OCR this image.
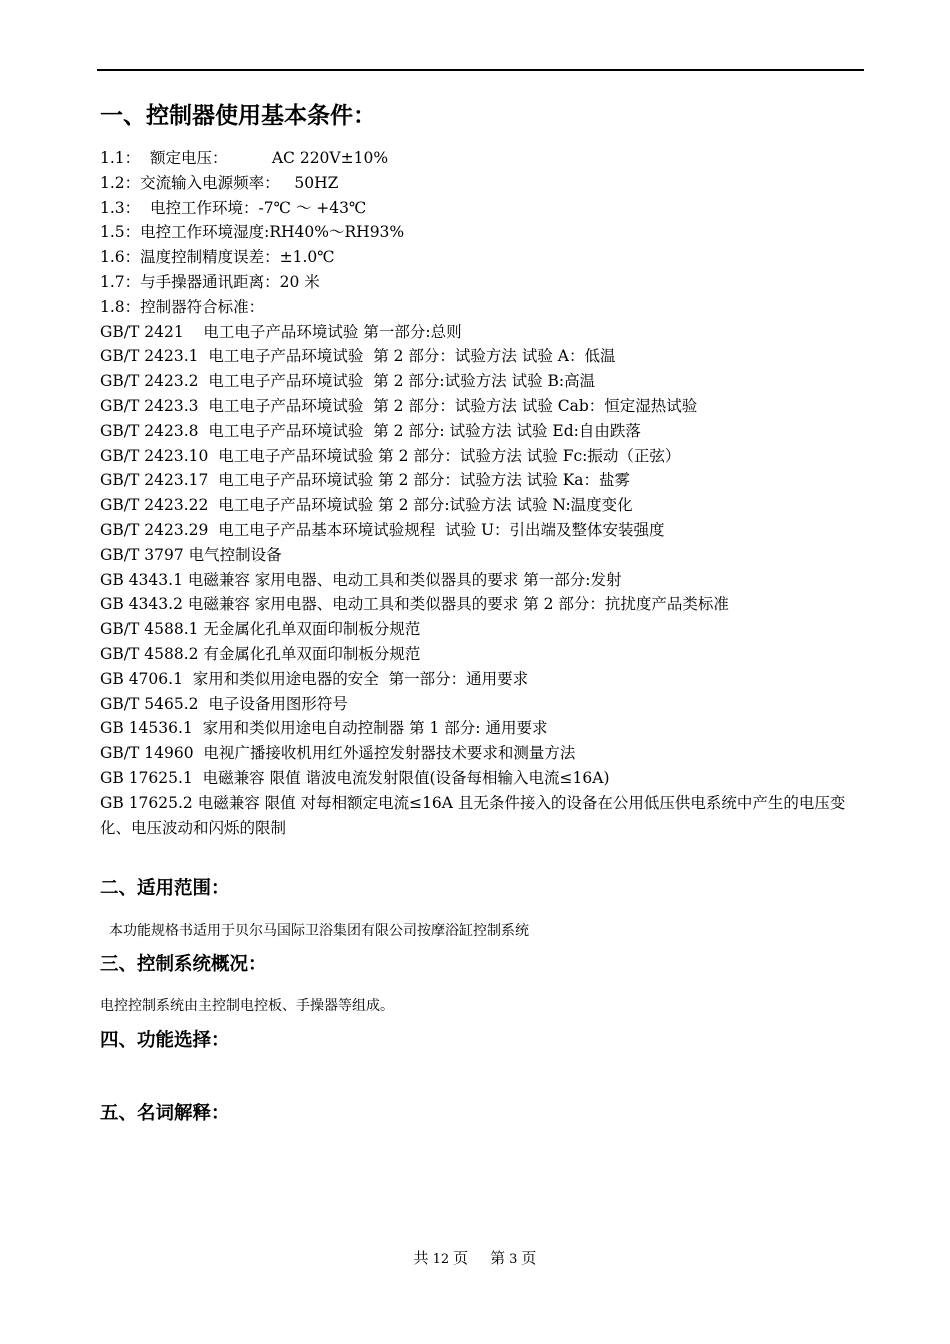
一、控制器使用基本条件：
1.1：  额定电压：         AC 220V±10%
1.2：交流输入电源频率：   50HZ
1.3：  电控工作环境：-7℃ ～ +43℃
1.5：电控工作环境湿度:RH40%～RH93%
1.6：温度控制精度误差：±1.0℃
1.7：与手操器通讯距离：20 米
1.8：控制器符合标准：
GB/T 2421    电工电子产品环境试验 第一部分:总则
GB/T 2423.1  电工电子产品环境试验  第 2 部分：试验方法 试验 A：低温
GB/T 2423.2  电工电子产品环境试验  第 2 部分:试验方法 试验 B:高温
GB/T 2423.3  电工电子产品环境试验  第 2 部分：试验方法 试验 Cab：恒定湿热试验
GB/T 2423.8  电工电子产品环境试验  第 2 部分: 试验方法 试验 Ed:自由跌落
GB/T 2423.10  电工电子产品环境试验 第 2 部分：试验方法 试验 Fc:振动（正弦）
GB/T 2423.17  电工电子产品环境试验 第 2 部分：试验方法 试验 Ka：盐雾
GB/T 2423.22  电工电子产品环境试验 第 2 部分:试验方法 试验 N:温度变化
GB/T 2423.29  电工电子产品基本环境试验规程  试验 U：引出端及整体安装强度
GB/T 3797 电气控制设备
GB 4343.1 电磁兼容 家用电器、电动工具和类似器具的要求 第一部分:发射
GB 4343.2 电磁兼容 家用电器、电动工具和类似器具的要求 第 2 部分：抗扰度产品类标准
GB/T 4588.1 无金属化孔单双面印制板分规范
GB/T 4588.2 有金属化孔单双面印制板分规范
GB 4706.1  家用和类似用途电器的安全  第一部分：通用要求
GB/T 5465.2  电子设备用图形符号
GB 14536.1  家用和类似用途电自动控制器 第 1 部分: 通用要求
GB/T 14960  电视广播接收机用红外遥控发射器技术要求和测量方法
GB 17625.1  电磁兼容 限值 谐波电流发射限值(设备每相输入电流≤16A)
GB 17625.2 电磁兼容 限值 对每相额定电流≤16A 且无条件接入的设备在公用低压供电系统中产生的电压变化、电压波动和闪烁的限制
二、适用范围：
本功能规格书适用于贝尔马国际卫浴集团有限公司按摩浴缸控制系统
三、控制系统概况：
电控控制系统由主控制电控板、手操器等组成。
四、功能选择：
五、名词解释：
共 12 页 第 3 页
